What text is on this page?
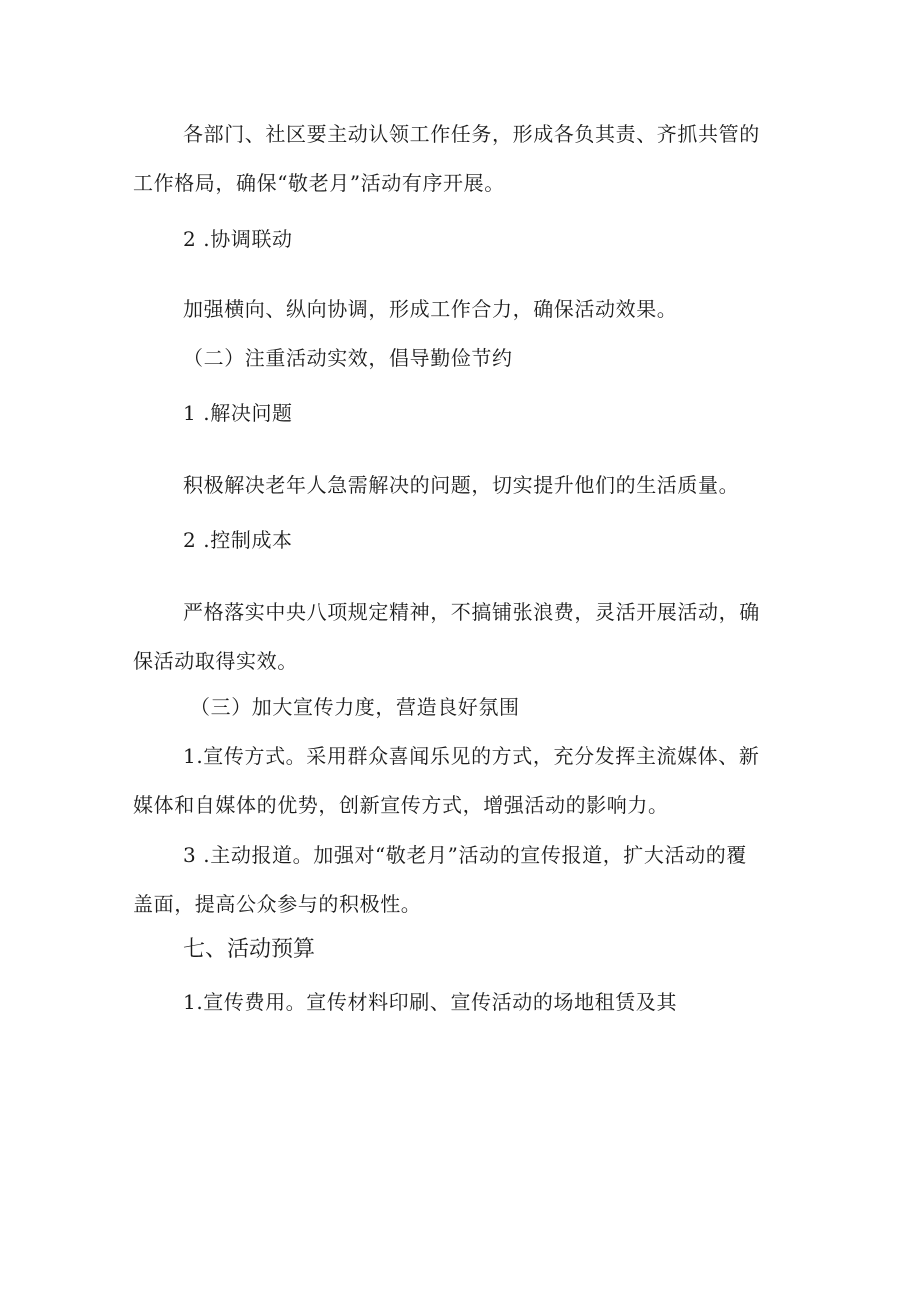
各部门、社区要主动认领工作任务，形成各负其责、齐抓共管的
工作格局，确保“敬老月”活动有序开展。
2 .协调联动
加强横向、纵向协调，形成工作合力，确保活动效果。
（二）注重活动实效，倡导勤俭节约
1 .解决问题
积极解决老年人急需解决的问题，切实提升他们的生活质量。
2 .控制成本
严格落实中央八项规定精神，不搞铺张浪费，灵活开展活动，确
保活动取得实效。
（三）加大宣传力度，营造良好氛围
1.宣传方式。采用群众喜闻乐见的方式，充分发挥主流媒体、新
媒体和自媒体的优势，创新宣传方式，增强活动的影响力。
3 .主动报道。加强对“敬老月”活动的宣传报道，扩大活动的覆
盖面，提高公众参与的积极性。
七、活动预算
1.宣传费用。宣传材料印刷、宣传活动的场地租赁及其
